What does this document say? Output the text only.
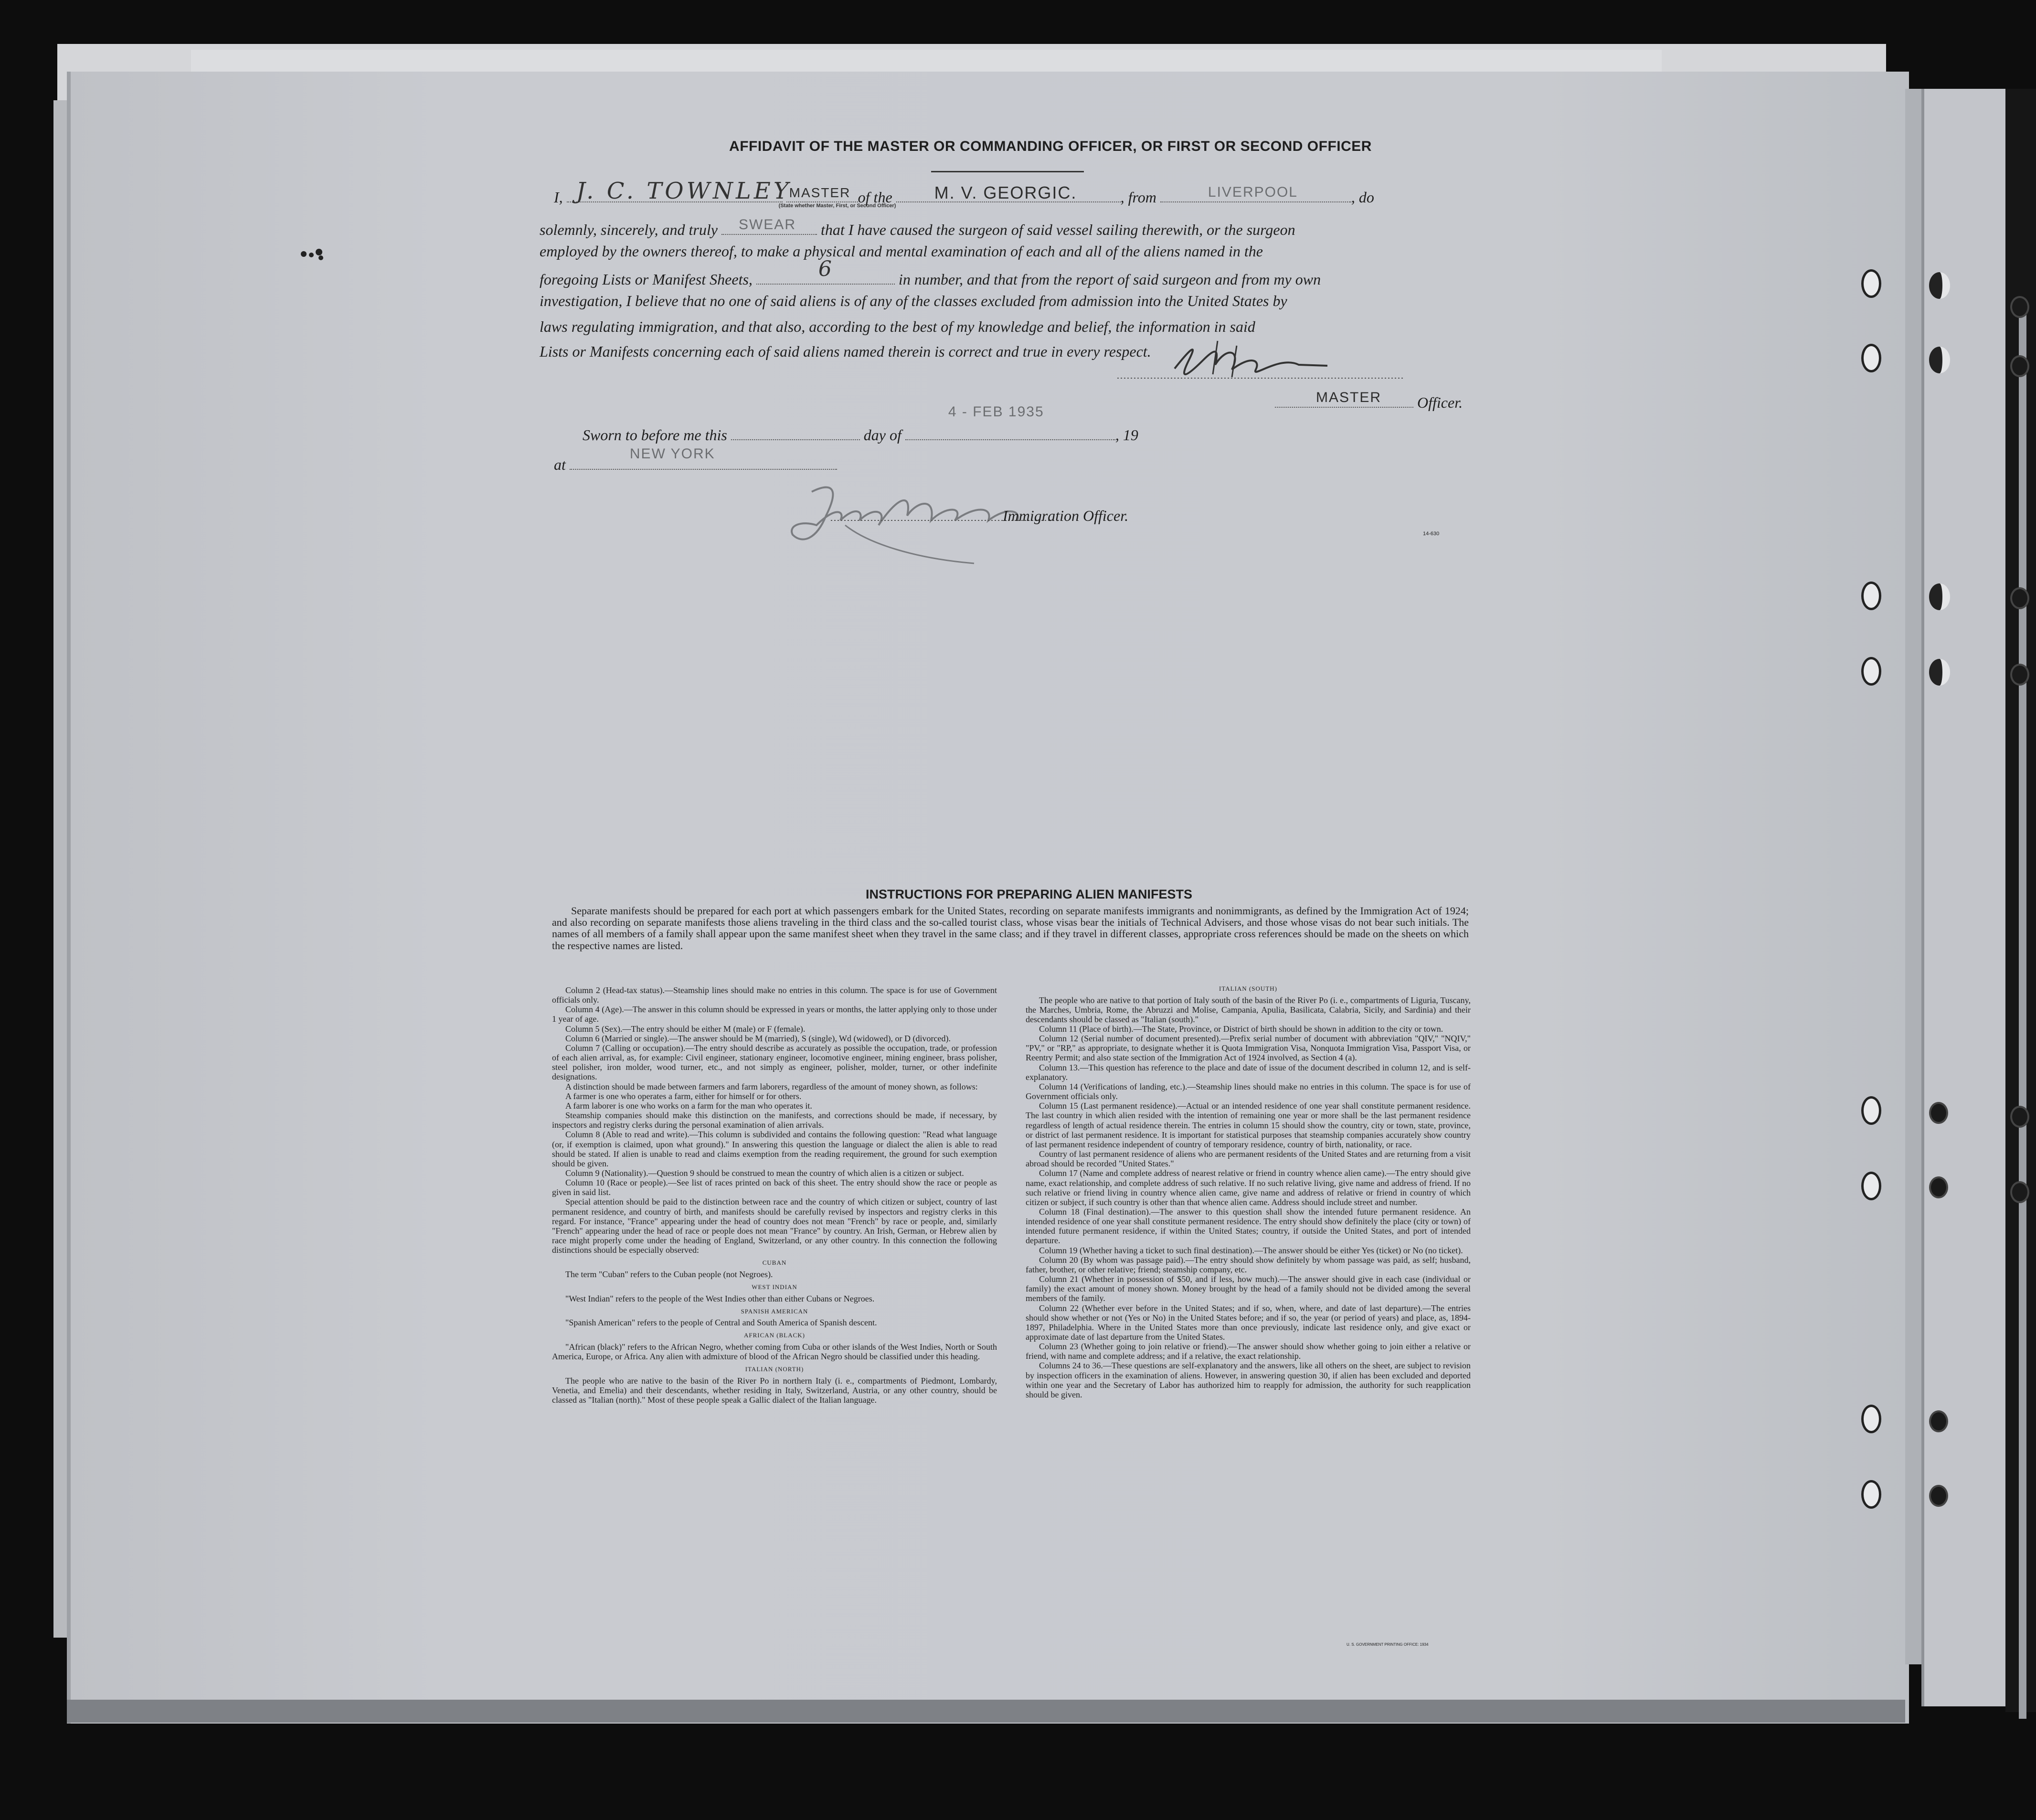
AFFIDAVIT OF THE MASTER OR COMMANDING OFFICER, OR FIRST OR SECOND OFFICER
I, J. C. TOWNLEY

MASTER
(State whether Master, First, or Second Officer)
of the M. V. GEORGIC.	, from	LIVERPOOL	, do
solemnly, sincerely, and truly SWEAR that I have caused the surgeon of said vessel sailing therewith, or the surgeon
employed by the owners thereof, to make a physical and mental examination of each and all of the aliens named in the
foregoing Lists or Manifest Sheets,	6	in number, and that from the report of said surgeon and from my own
investigation, I believe that no one of said aliens is of any of the classes excluded from admission into the United States by
laws regulating immigration, and that also, according to the best of my knowledge and belief, the information in said
Lists or Manifests concerning each of said aliens named therein is correct and true in every respect.
MASTER Officer.
Sworn to before me this	day of
4 - FEB 1935
, 19
at
NEW YORK
Immigration Officer.
14-630
INSTRUCTIONS FOR PREPARING ALIEN MANIFESTS
Separate manifests should be prepared for each port at which passengers embark for the United States, recording on separate manifests immigrants and nonimmigrants, as defined by the Immigration Act of 1924; and also recording on separate manifests those aliens traveling in the third class and the so-called tourist class, whose visas bear the initials of Technical Advisers, and those whose visas do not bear such initials. The names of all members of a family shall appear upon the same manifest sheet when they travel in the same class; and if they travel in different classes, appropriate cross references should be made on the sheets on which the respective names are listed.

Column 2 (Head-tax status).—Steamship lines should make no entries in this column. The space is for use of Government officials only.

Column 4 (Age).—The answer in this column should be expressed in years or months, the latter applying only to those under 1 year of age.

Column 5 (Sex).—The entry should be either M (male) or F (female).

Column 6 (Married or single).—The answer should be M (married), S (single), Wd (widowed), or D (divorced).

Column 7 (Calling or occupation).—The entry should describe as accurately as possible the occupation, trade, or profession of each alien arrival, as, for example: Civil engineer, stationary engineer, locomotive engineer, mining engineer, brass polisher, steel polisher, iron molder, wood turner, etc., and not simply as engineer, polisher, molder, turner, or other indefinite designations.

A distinction should be made between farmers and farm laborers, regardless of the amount of money shown, as follows:

A farmer is one who operates a farm, either for himself or for others.

A farm laborer is one who works on a farm for the man who operates it.

Steamship companies should make this distinction on the manifests, and corrections should be made, if necessary, by inspectors and registry clerks during the personal examination of alien arrivals.

Column 8 (Able to read and write).—This column is subdivided and contains the following question: "Read what language (or, if exemption is claimed, upon what ground)." In answering this question the language or dialect the alien is able to read should be stated. If alien is unable to read and claims exemption from the reading requirement, the ground for such exemption should be given.

Column 9 (Nationality).—Question 9 should be construed to mean the country of which alien is a citizen or subject.

Column 10 (Race or people).—See list of races printed on back of this sheet. The entry should show the race or people as given in said list.

Special attention should be paid to the distinction between race and the country of which citizen or subject, country of last permanent residence, and country of birth, and manifests should be carefully revised by inspectors and registry clerks in this regard. For instance, "France" appearing under the head of country does not mean "French" by race or people, and, similarly "French" appearing under the head of race or people does not mean "France" by country. An Irish, German, or Hebrew alien by race might properly come under the heading of England, Switzerland, or any other country. In this connection the following distinctions should be especially observed:

CUBAN

The term "Cuban" refers to the Cuban people (not Negroes).

WEST INDIAN

"West Indian" refers to the people of the West Indies other than either Cubans or Negroes.

SPANISH AMERICAN

"Spanish American" refers to the people of Central and South America of Spanish descent.

AFRICAN (BLACK)

"African (black)" refers to the African Negro, whether coming from Cuba or other islands of the West Indies, North or South America, Europe, or Africa. Any alien with admixture of blood of the African Negro should be classified under this heading.

ITALIAN (NORTH)

The people who are native to the basin of the River Po in northern Italy (i. e., compartments of Piedmont, Lombardy, Venetia, and Emelia) and their descendants, whether residing in Italy, Switzerland, Austria, or any other country, should be classed as "Italian (north)." Most of these people speak a Gallic dialect of the Italian language.

ITALIAN (SOUTH)

The people who are native to that portion of Italy south of the basin of the River Po (i. e., compartments of Liguria, Tuscany, the Marches, Umbria, Rome, the Abruzzi and Molise, Campania, Apulia, Basilicata, Calabria, Sicily, and Sardinia) and their descendants should be classed as "Italian (south)."

Column 11 (Place of birth).—The State, Province, or District of birth should be shown in addition to the city or town.

Column 12 (Serial number of document presented).—Prefix serial number of document with abbreviation "QIV," "NQIV," "PV," or "RP," as appropriate, to designate whether it is Quota Immigration Visa, Nonquota Immigration Visa, Passport Visa, or Reentry Permit; and also state section of the Immigration Act of 1924 involved, as Section 4 (a).

Column 13.—This question has reference to the place and date of issue of the document described in column 12, and is self-explanatory.

Column 14 (Verifications of landing, etc.).—Steamship lines should make no entries in this column. The space is for use of Government officials only.

Column 15 (Last permanent residence).—Actual or an intended residence of one year shall constitute permanent residence. The last country in which alien resided with the intention of remaining one year or more shall be the last permanent residence regardless of length of actual residence therein. The entries in column 15 should show the country, city or town, state, province, or district of last permanent residence. It is important for statistical purposes that steamship companies accurately show country of last permanent residence independent of country of temporary residence, country of birth, nationality, or race.

Country of last permanent residence of aliens who are permanent residents of the United States and are returning from a visit abroad should be recorded "United States."

Column 17 (Name and complete address of nearest relative or friend in country whence alien came).—The entry should give name, exact relationship, and complete address of such relative. If no such relative living, give name and address of friend. If no such relative or friend living in country whence alien came, give name and address of relative or friend in country of which citizen or subject, if such country is other than that whence alien came. Address should include street and number.

Column 18 (Final destination).—The answer to this question shall show the intended future permanent residence. An intended residence of one year shall constitute permanent residence. The entry should show definitely the place (city or town) of intended future permanent residence, if within the United States; country, if outside the United States, and port of intended departure.

Column 19 (Whether having a ticket to such final destination).—The answer should be either Yes (ticket) or No (no ticket).

Column 20 (By whom was passage paid).—The entry should show definitely by whom passage was paid, as self; husband, father, brother, or other relative; friend; steamship company, etc.

Column 21 (Whether in possession of $50, and if less, how much).—The answer should give in each case (individual or family) the exact amount of money shown. Money brought by the head of a family should not be divided among the several members of the family.

Column 22 (Whether ever before in the United States; and if so, when, where, and date of last departure).—The entries should show whether or not (Yes or No) in the United States before; and if so, the year (or period of years) and place, as, 1894-1897, Philadelphia. Where in the United States more than once previously, indicate last residence only, and give exact or approximate date of last departure from the United States.

Column 23 (Whether going to join relative or friend).—The answer should show whether going to join either a relative or friend, with name and complete address; and if a relative, the exact relationship.

Columns 24 to 36.—These questions are self-explanatory and the answers, like all others on the sheet, are subject to revision by inspection officers in the examination of aliens. However, in answering question 30, if alien has been excluded and deported within one year and the Secretary of Labor has authorized him to reapply for admission, the authority for such reapplication should be given.

U. S. GOVERNMENT PRINTING OFFICE: 1934
